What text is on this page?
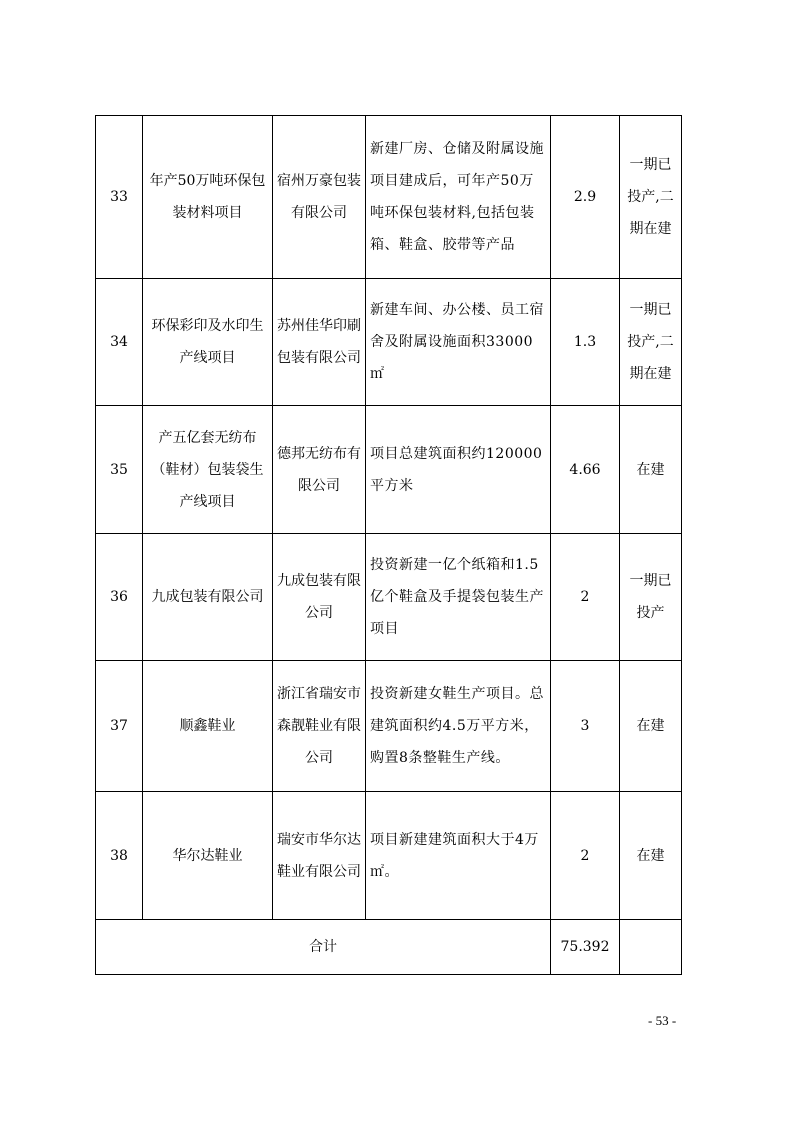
33	年产50万吨环保包装材料项目	宿州万豪包装有限公司	新建厂房、仓储及附属设施项目建成后，可年产50万吨环保包装材料,包括包装箱、鞋盒、胶带等产品	2.9	一期已投产,二期在建
34	环保彩印及水印生产线项目	苏州佳华印刷包装有限公司	新建车间、办公楼、员工宿舍及附属设施面积33000㎡	1.3	一期已投产,二期在建
35	产五亿套无纺布（鞋材）包装袋生产线项目	德邦无纺布有限公司	项目总建筑面积约120000平方米	4.66	在建
36	九成包装有限公司	九成包装有限公司	投资新建一亿个纸箱和1.5亿个鞋盒及手提袋包装生产项目	2	一期已投产
37	顺鑫鞋业	浙江省瑞安市森靓鞋业有限公司	投资新建女鞋生产项目。总建筑面积约4.5万平方米，购置8条整鞋生产线。	3	在建
38	华尔达鞋业	瑞安市华尔达鞋业有限公司	项目新建建筑面积大于4万㎡。	2	在建
合计				75.392	
- 53 -
